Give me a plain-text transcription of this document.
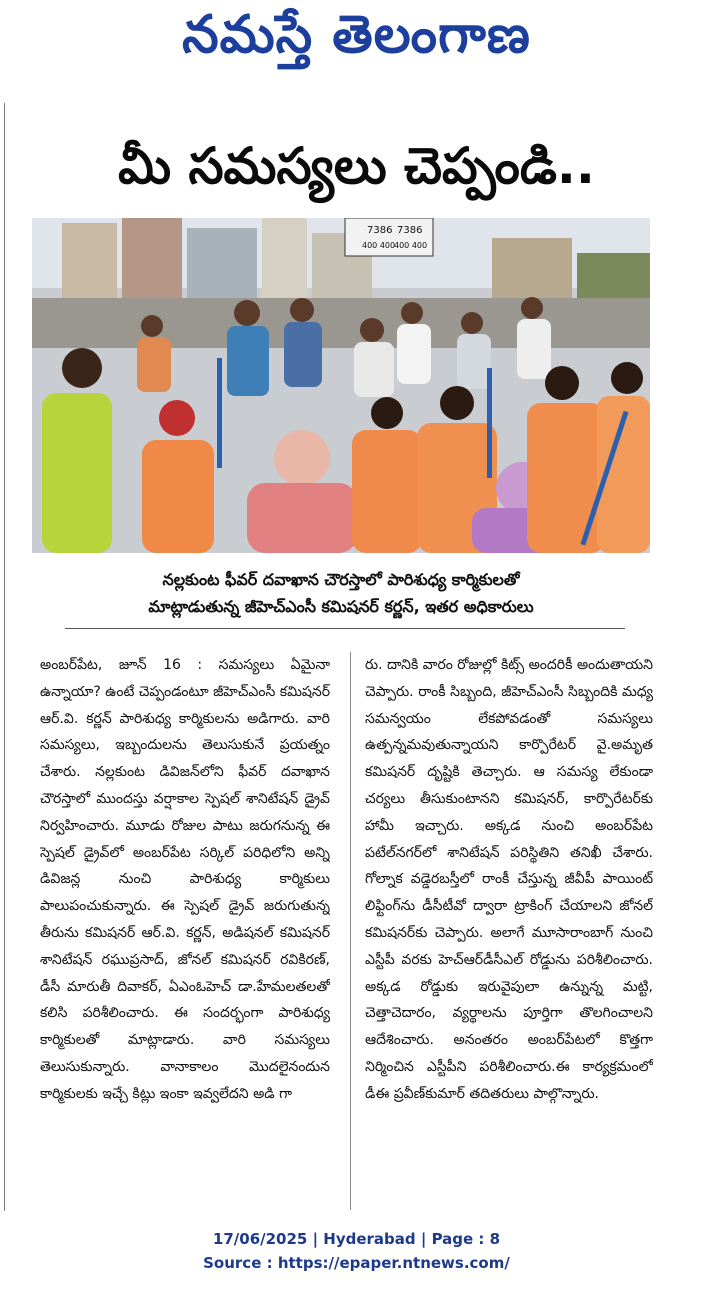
నమస్తే తెలంగాణ
మీ సమస్యలు చెప్పండి..
7386
400 400
7386
400 400
నల్లకుంట ఫీవర్ దవాఖాన చౌరస్తాలో పారిశుధ్య కార్మికులతో
మాట్లాడుతున్న జీహెచ్ఎంసీ కమిషనర్ కర్ణన్, ఇతర అధికారులు
అంబర్‌పేట, జూన్ 16 : సమస్యలు ఏమైనా ఉన్నాయా? ఉంటే చెప్పండంటూ జీహెచ్‌ఎంసీ కమిషనర్ ఆర్.వి. కర్ణన్ పారిశుధ్య కార్మికులను అడిగారు. వారి సమస్యలు, ఇబ్బందులను తెలుసుకునే ప్రయత్నం చేశారు. నల్లకుంట డివిజన్‌లోని ఫీవర్ దవాఖాన చౌరస్తాలో ముందస్తు వర్షాకాల స్పెషల్ శానిటేషన్ డ్రైవ్ నిర్వహించారు. మూడు రోజుల పాటు జరుగనున్న ఈ స్పెషల్ డ్రైవ్‌లో అంబర్‌పేట సర్కిల్ పరిధిలోని అన్ని డివిజన్ల నుంచి పారిశుధ్య కార్మికులు పాలుపంచుకున్నారు. ఈ స్పెషల్ డ్రైవ్ జరుగుతున్న తీరును కమిషనర్ ఆర్.వి. కర్ణన్, అడిషనల్ కమిషనర్ శానిటేషన్ రఘుప్రసాద్, జోనల్ కమిషనర్ రవికిరణ్, డీసీ మారుతీ దివాకర్, ఏఎంఓహెచ్ డా.హేమలతలతో కలిసి పరిశీలించారు. ఈ సందర్భంగా పారిశుధ్య కార్మికులతో మాట్లాడారు. వారి సమస్యలు తెలుసుకున్నారు. వానాకాలం మొదలైనందున కార్మికులకు ఇచ్చే కిట్లు ఇంకా ఇవ్వలేదని అడి గా
రు. దానికి వారం రోజుల్లో కిట్స్ అందరికీ అందుతాయని చెప్పారు. రాంకీ సిబ్బంది, జీహెచ్‌ఎంసీ సిబ్బందికి మధ్య సమన్వయం లేకపోవడంతో సమస్యలు ఉత్పన్నమవుతున్నాయని కార్పొరేటర్ వై.అమృత కమిషనర్ దృష్టికి తెచ్చారు. ఆ సమస్య లేకుండా చర్యలు తీసుకుంటానని కమిషనర్, కార్పొరేటర్‌కు హామీ ఇచ్చారు. అక్కడ నుంచి అంబర్‌పేట పటేల్‌నగర్‌లో శానిటేషన్ పరిస్థితిని తనిఖీ చేశారు. గోల్నాక వడ్డెరబస్తీలో రాంకీ చేస్తున్న జీవీపీ పాయింట్ లిఫ్టింగ్‌ను డీసీటీవో ద్వారా ట్రాకింగ్ చేయాలని జోనల్ కమిషనర్‌కు చెప్పారు. అలాగే మూసారాంబాగ్ నుంచి ఎస్టీపీ వరకు హెచ్ఆర్‌డీసీఎల్ రోడ్డును పరిశీలించారు. అక్కడ రోడ్డుకు ఇరువైపులా ఉన్నున్న మట్టి, చెత్తాచెదారం, వ్యర్థాలను పూర్తిగా తొలగించాలని ఆదేశించారు. అనంతరం అంబర్‌పేటలో కొత్తగా నిర్మించిన ఎస్టీపీని పరిశీలించారు.ఈ కార్యక్రమంలో డీఈ ప్రవీణ్‌కుమార్ తదితరులు పాల్గొన్నారు.
17/06/2025 | Hyderabad | Page : 8
Source : https://epaper.ntnews.com/
